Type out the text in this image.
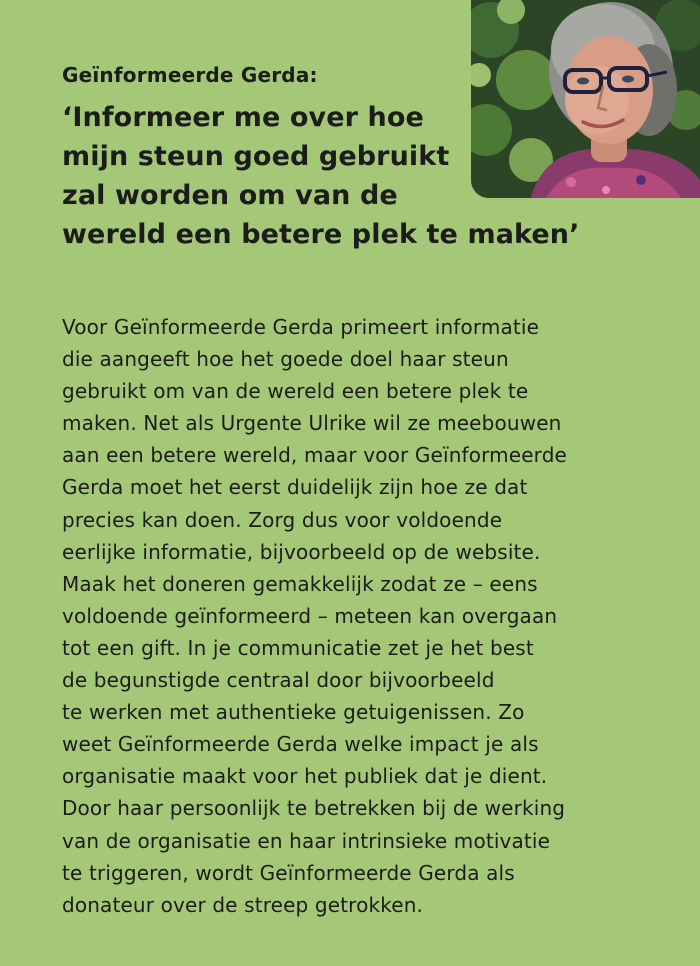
Geïnformeerde Gerda:
‘Informeer me over hoe
mijn steun goed gebruikt
zal worden om van de
wereld een betere plek te maken’

Voor Geïnformeerde Gerda primeert informatie
die aangeeft hoe het goede doel haar steun
gebruikt om van de wereld een betere plek te
maken. Net als Urgente Ulrike wil ze meebouwen
aan een betere wereld, maar voor Geïnformeerde
Gerda moet het eerst duidelijk zijn hoe ze dat
precies kan doen. Zorg dus voor voldoende
eerlijke informatie, bijvoorbeeld op de website.
Maak het doneren gemakkelijk zodat ze – eens
voldoende geïnformeerd – meteen kan overgaan
tot een gift. In je communicatie zet je het best
de begunstigde centraal door bijvoorbeeld
te werken met authentieke getuigenissen. Zo
weet Geïnformeerde Gerda welke impact je als
organisatie maakt voor het publiek dat je dient.
Door haar persoonlijk te betrekken bij de werking
van de organisatie en haar intrinsieke motivatie
te triggeren, wordt Geïnformeerde Gerda als
donateur over de streep getrokken.
